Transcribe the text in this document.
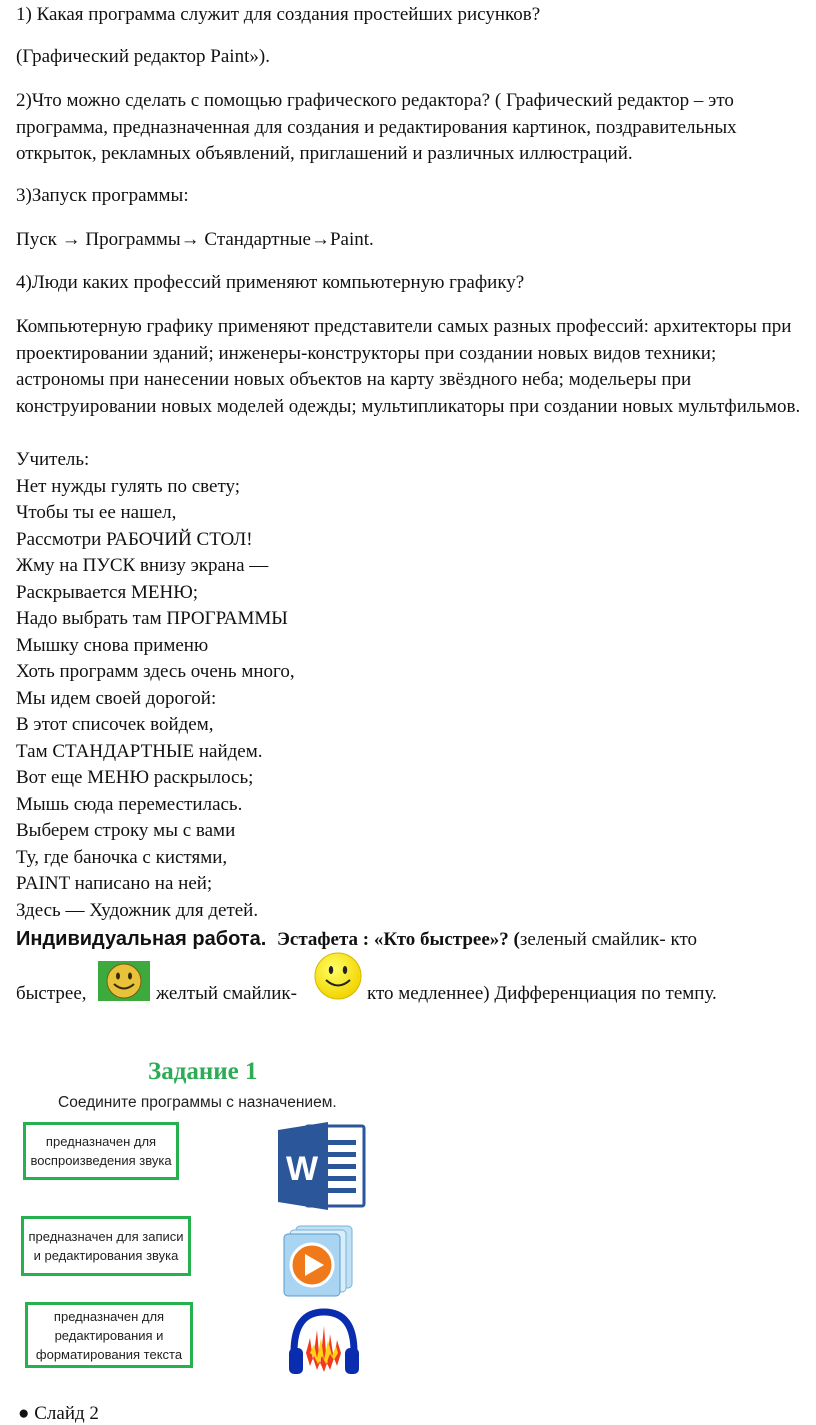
1) Какая программа служит для создания простейших рисунков?
(Графический редактор Paint»).
2)Что можно сделать с помощью графического редактора? ( Графический редактор – это программа, предназначенная для создания и редактирования картинок, поздравительных открыток, рекламных объявлений, приглашений и различных иллюстраций.
3)Запуск программы:
Пуск → Программы→ Стандартные→Paint.
4)Люди каких профессий применяют компьютерную графику?
Компьютерную графику применяют представители самых разных профессий: архитекторы при проектировании зданий; инженеры-конструкторы при создании новых видов техники; астрономы при нанесении новых объектов на карту звёздного неба; модельеры при конструировании новых моделей одежды; мультипликаторы при создании новых мультфильмов.
Учитель:
Нет нужды гулять по свету;
Чтобы ты ее нашел,
Рассмотри РАБОЧИЙ СТОЛ!
Жму на ПУСК внизу экрана —
Раскрывается МЕНЮ;
Надо выбрать там ПРОГРАММЫ
Мышку снова применю
Хоть программ здесь очень много,
Мы идем своей дорогой:
В этот списочек войдем,
Там СТАНДАРТНЫЕ найдем.
Вот еще МЕНЮ раскрылось;
Мышь сюда переместилась.
Выберем строку мы с вами
Ту, где баночка с кистями,
PAINT написано на ней;
Здесь — Художник для детей.
Индивидуальная работа. Эстафета : «Кто быстрее»? (зеленый смайлик- кто
быстрее,	желтый смайлик-	кто медленнее) Дифференциация по темпу.
Задание 1
Соедините программы с назначением.
предназначен для воспроизведения звука
предназначен для записи и редактирования звука
предназначен для редактирования и форматирования текста
W
● Слайд 2
